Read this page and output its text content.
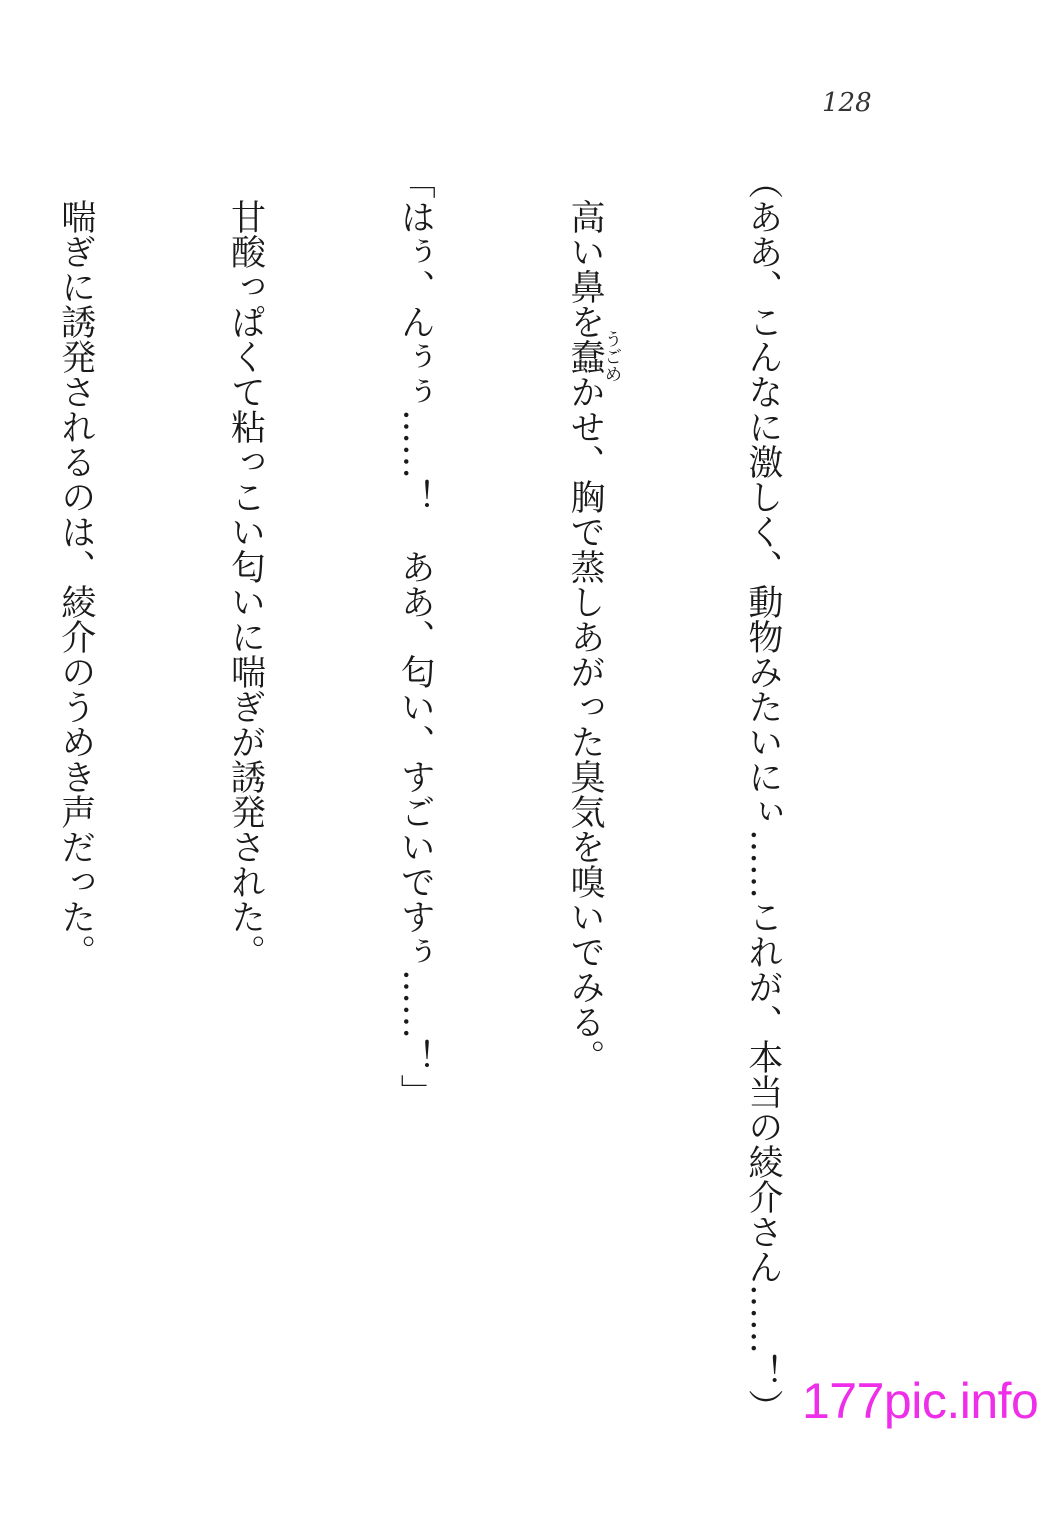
128

（ああ、こんなに激しく、動物みたいにぃ……これが、本当の綾介さん……！）

　高い鼻を蠢うごめかせ、胸で蒸しあがった臭気を嗅いでみる。

「はぅ、んぅぅ……！　ああ、匂い、すごいですぅ……！」

　甘酸っぱくて粘っこい匂いに喘ぎが誘発された。

　喘ぎに誘発されるのは、綾介のうめき声だった。

177pic.info
